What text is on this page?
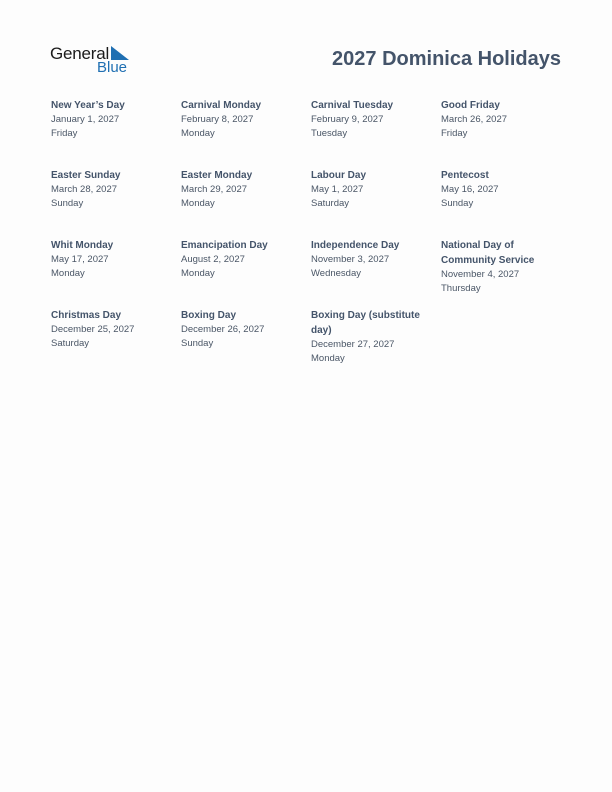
General
Blue	2027 Dominica Holidays
New Year’s Day
January 1, 2027
Friday
Carnival Monday
February 8, 2027
Monday
Carnival Tuesday
February 9, 2027
Tuesday
Good Friday
March 26, 2027
Friday
Easter Sunday
March 28, 2027
Sunday
Easter Monday
March 29, 2027
Monday
Labour Day
May 1, 2027
Saturday
Pentecost
May 16, 2027
Sunday
Whit Monday
May 17, 2027
Monday
Emancipation Day
August 2, 2027
Monday
Independence Day
November 3, 2027
Wednesday
National Day of Community Service
November 4, 2027
Thursday
Christmas Day
December 25, 2027
Saturday
Boxing Day
December 26, 2027
Sunday
Boxing Day (substitute day)
December 27, 2027
Monday
